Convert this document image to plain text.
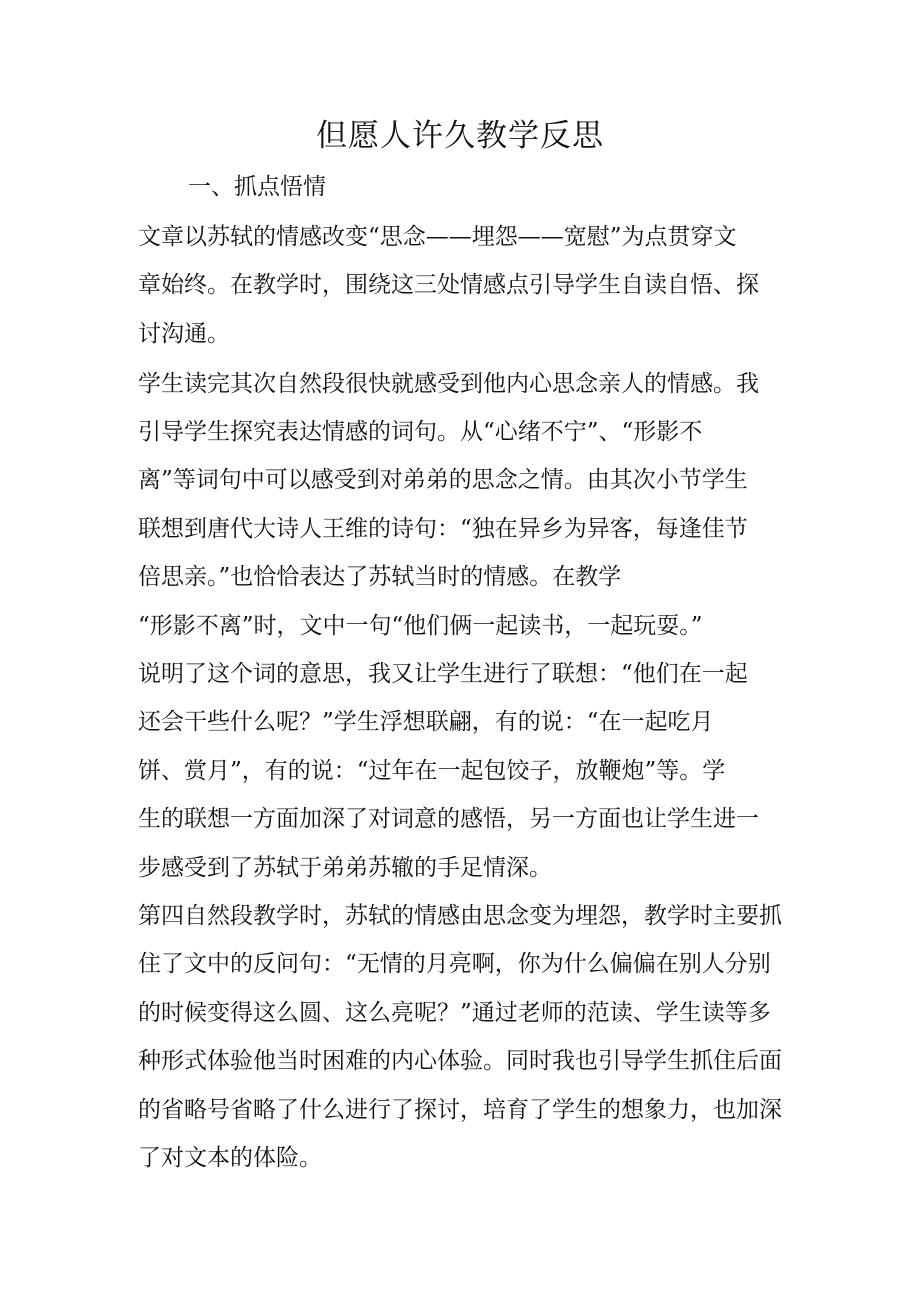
但愿人许久教学反思
一、抓点悟情
文章以苏轼的情感改变“思念——埋怨——宽慰”为点贯穿文
章始终。在教学时，围绕这三处情感点引导学生自读自悟、探
讨沟通。
学生读完其次自然段很快就感受到他内心思念亲人的情感。我
引导学生探究表达情感的词句。从“心绪不宁”、“形影不
离”等词句中可以感受到对弟弟的思念之情。由其次小节学生
联想到唐代大诗人王维的诗句：“独在异乡为异客，每逢佳节
倍思亲。”也恰恰表达了苏轼当时的情感。在教学
“形影不离”时，文中一句“他们俩一起读书，一起玩耍。”
说明了这个词的意思，我又让学生进行了联想：“他们在一起
还会干些什么呢？”学生浮想联翩，有的说：“在一起吃月
饼、赏月”，有的说：“过年在一起包饺子，放鞭炮”等。学
生的联想一方面加深了对词意的感悟，另一方面也让学生进一
步感受到了苏轼于弟弟苏辙的手足情深。
第四自然段教学时，苏轼的情感由思念变为埋怨，教学时主要抓
住了文中的反问句：“无情的月亮啊，你为什么偏偏在别人分别
的时候变得这么圆、这么亮呢？”通过老师的范读、学生读等多
种形式体验他当时困难的内心体验。同时我也引导学生抓住后面
的省略号省略了什么进行了探讨，培育了学生的想象力，也加深
了对文本的体险。
